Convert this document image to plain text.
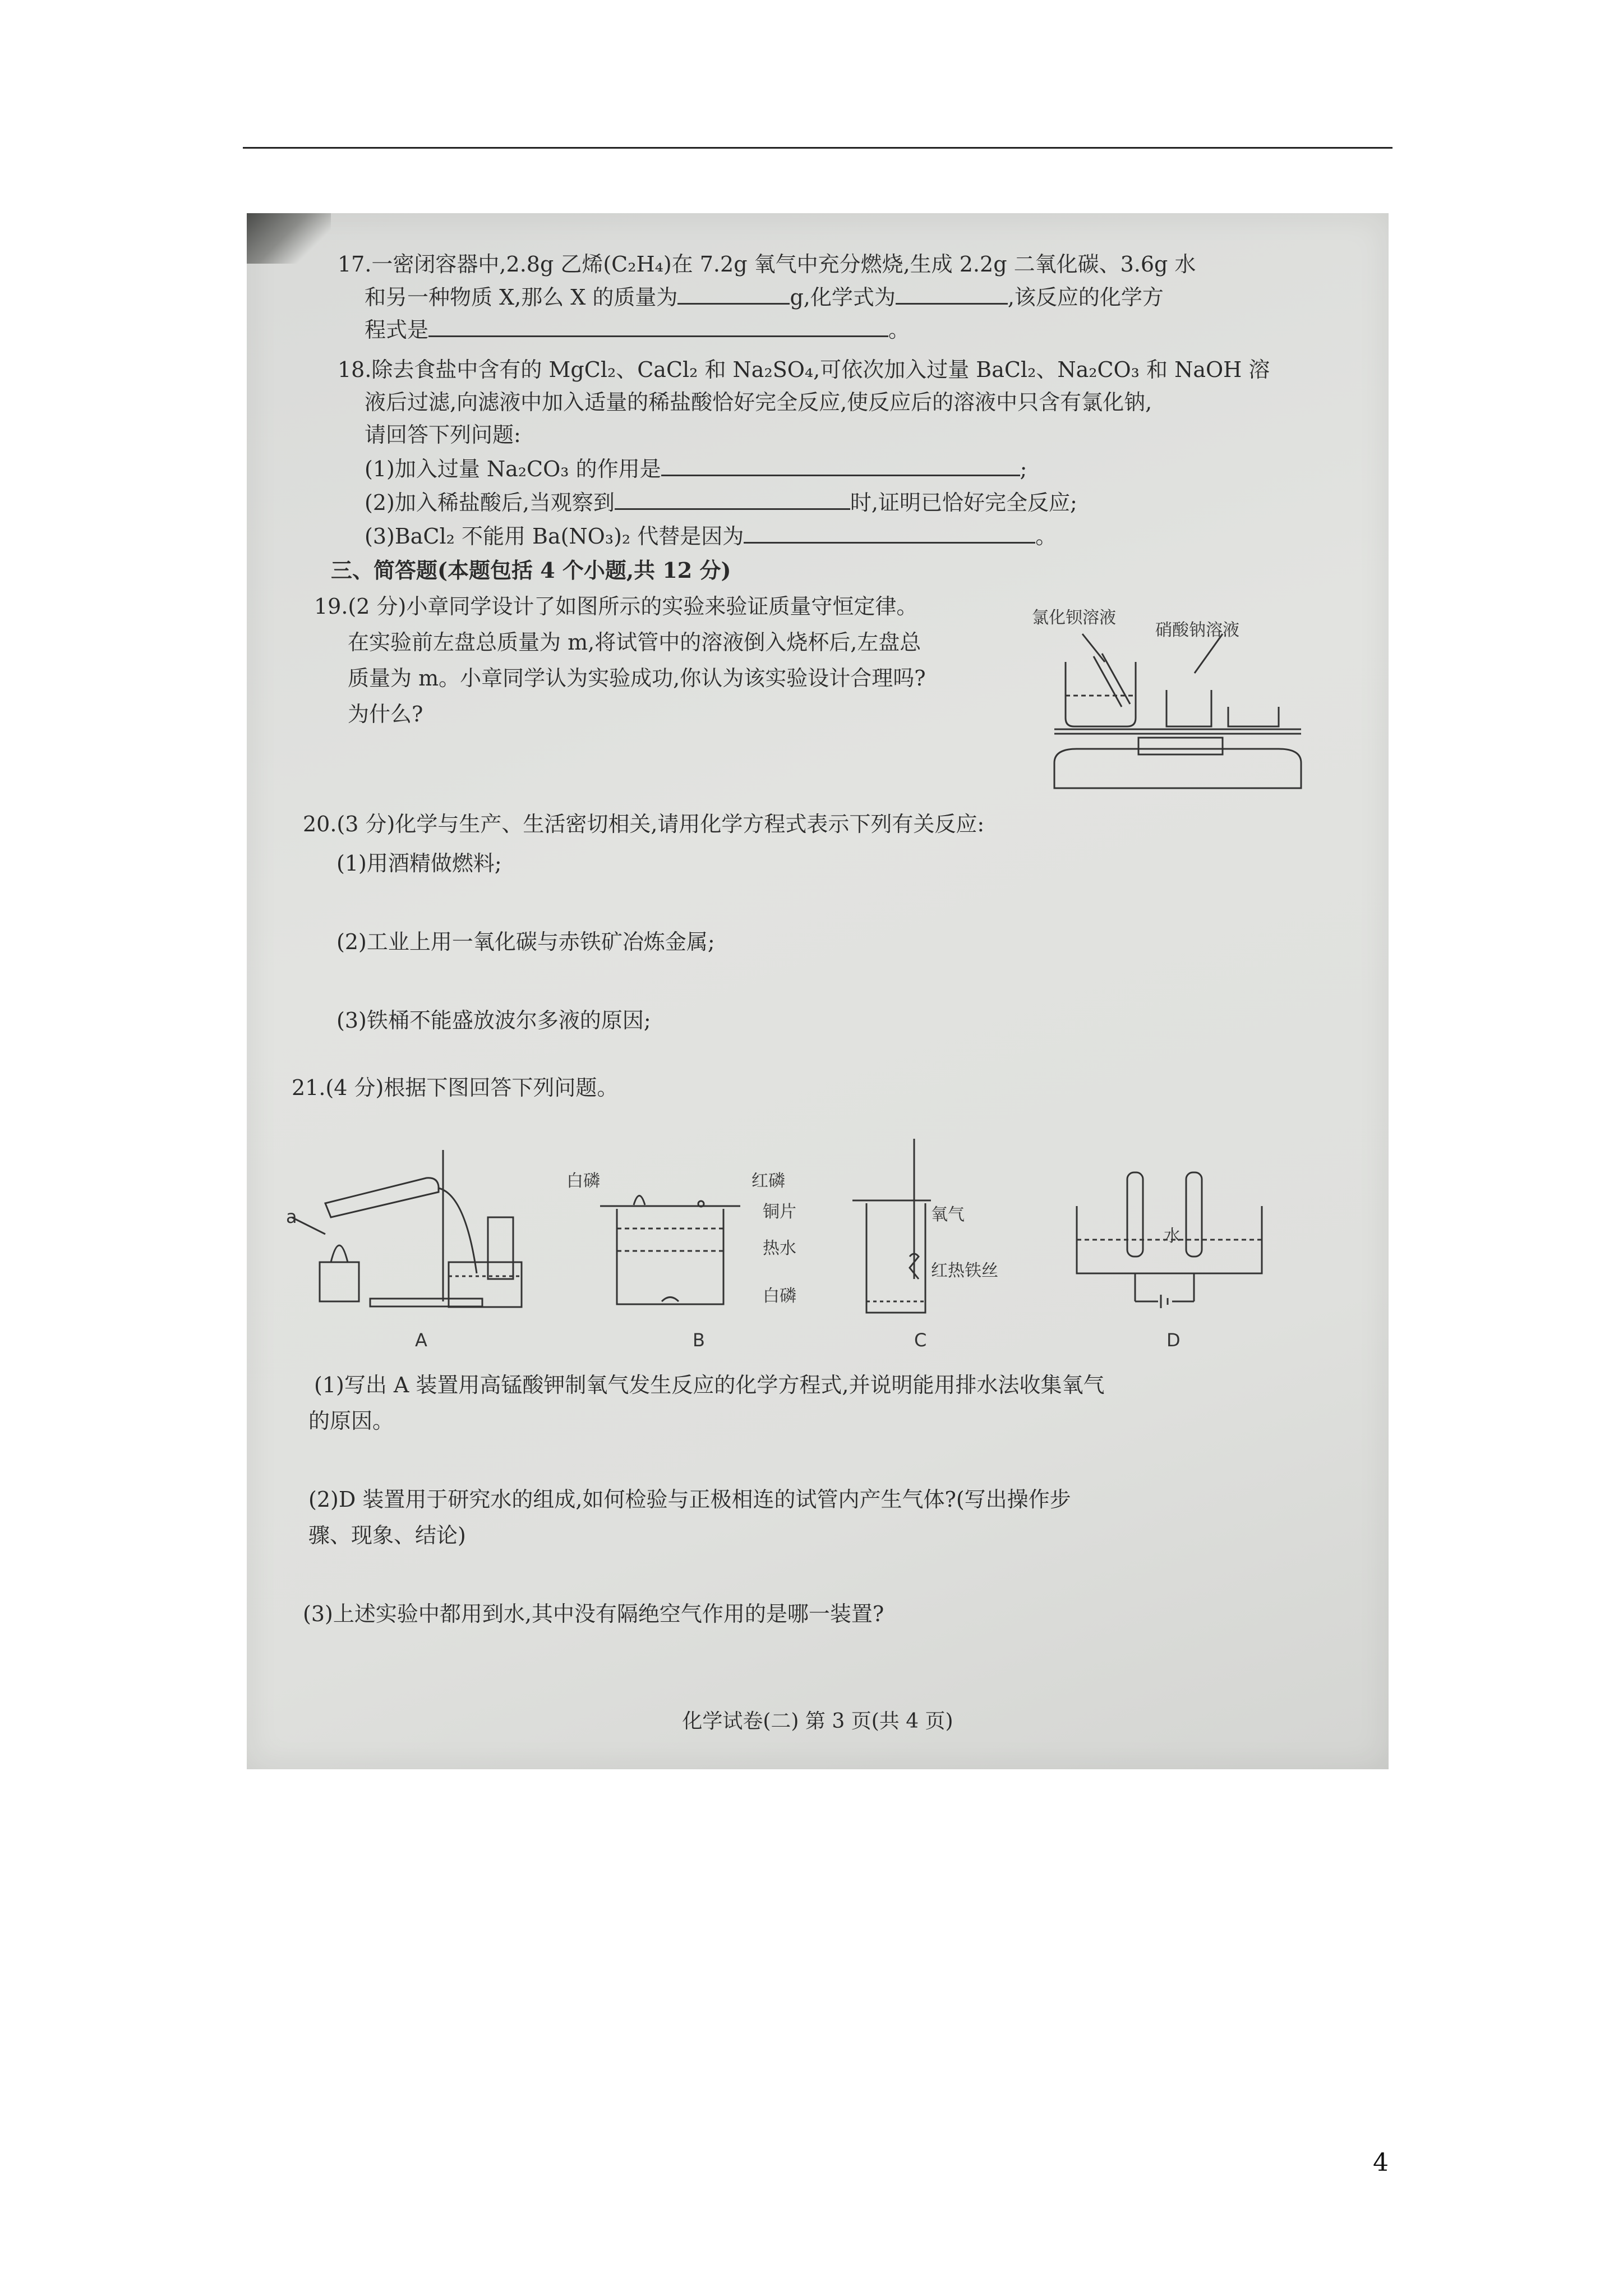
17.一密闭容器中,2.8g 乙烯(C₂H₄)在 7.2g 氧气中充分燃烧,生成 2.2g 二氧化碳、3.6g 水
和另一种物质 X,那么 X 的质量为	g,化学式为	,该反应的化学方
程式是	。
18.除去食盐中含有的 MgCl₂、CaCl₂ 和 Na₂SO₄,可依次加入过量 BaCl₂、Na₂CO₃ 和 NaOH 溶
液后过滤,向滤液中加入适量的稀盐酸恰好完全反应,使反应后的溶液中只含有氯化钠,
请回答下列问题:
(1)加入过量 Na₂CO₃ 的作用是	;
(2)加入稀盐酸后,当观察到	时,证明已恰好完全反应;
(3)BaCl₂ 不能用 Ba(NO₃)₂ 代替是因为	。
三、简答题(本题包括 4 个小题,共 12 分)
19.(2 分)小章同学设计了如图所示的实验来验证质量守恒定律。
在实验前左盘总质量为 m,将试管中的溶液倒入烧杯后,左盘总
质量为 m。小章同学认为实验成功,你认为该实验设计合理吗?
为什么?
氯化钡溶液
硝酸钠溶液
20.(3 分)化学与生产、生活密切相关,请用化学方程式表示下列有关反应:
(1)用酒精做燃料;
(2)工业上用一氧化碳与赤铁矿冶炼金属;
(3)铁桶不能盛放波尔多液的原因;
21.(4 分)根据下图回答下列问题。
a
白磷	红磷
铜片
热水
白磷
氧气
红热铁丝
水
A	B	C	D
(1)写出 A 装置用高锰酸钾制氧气发生反应的化学方程式,并说明能用排水法收集氧气
的原因。
(2)D 装置用于研究水的组成,如何检验与正极相连的试管内产生气体?(写出操作步
骤、现象、结论)
(3)上述实验中都用到水,其中没有隔绝空气作用的是哪一装置?
化学试卷(二) 第 3 页(共 4 页)
4
